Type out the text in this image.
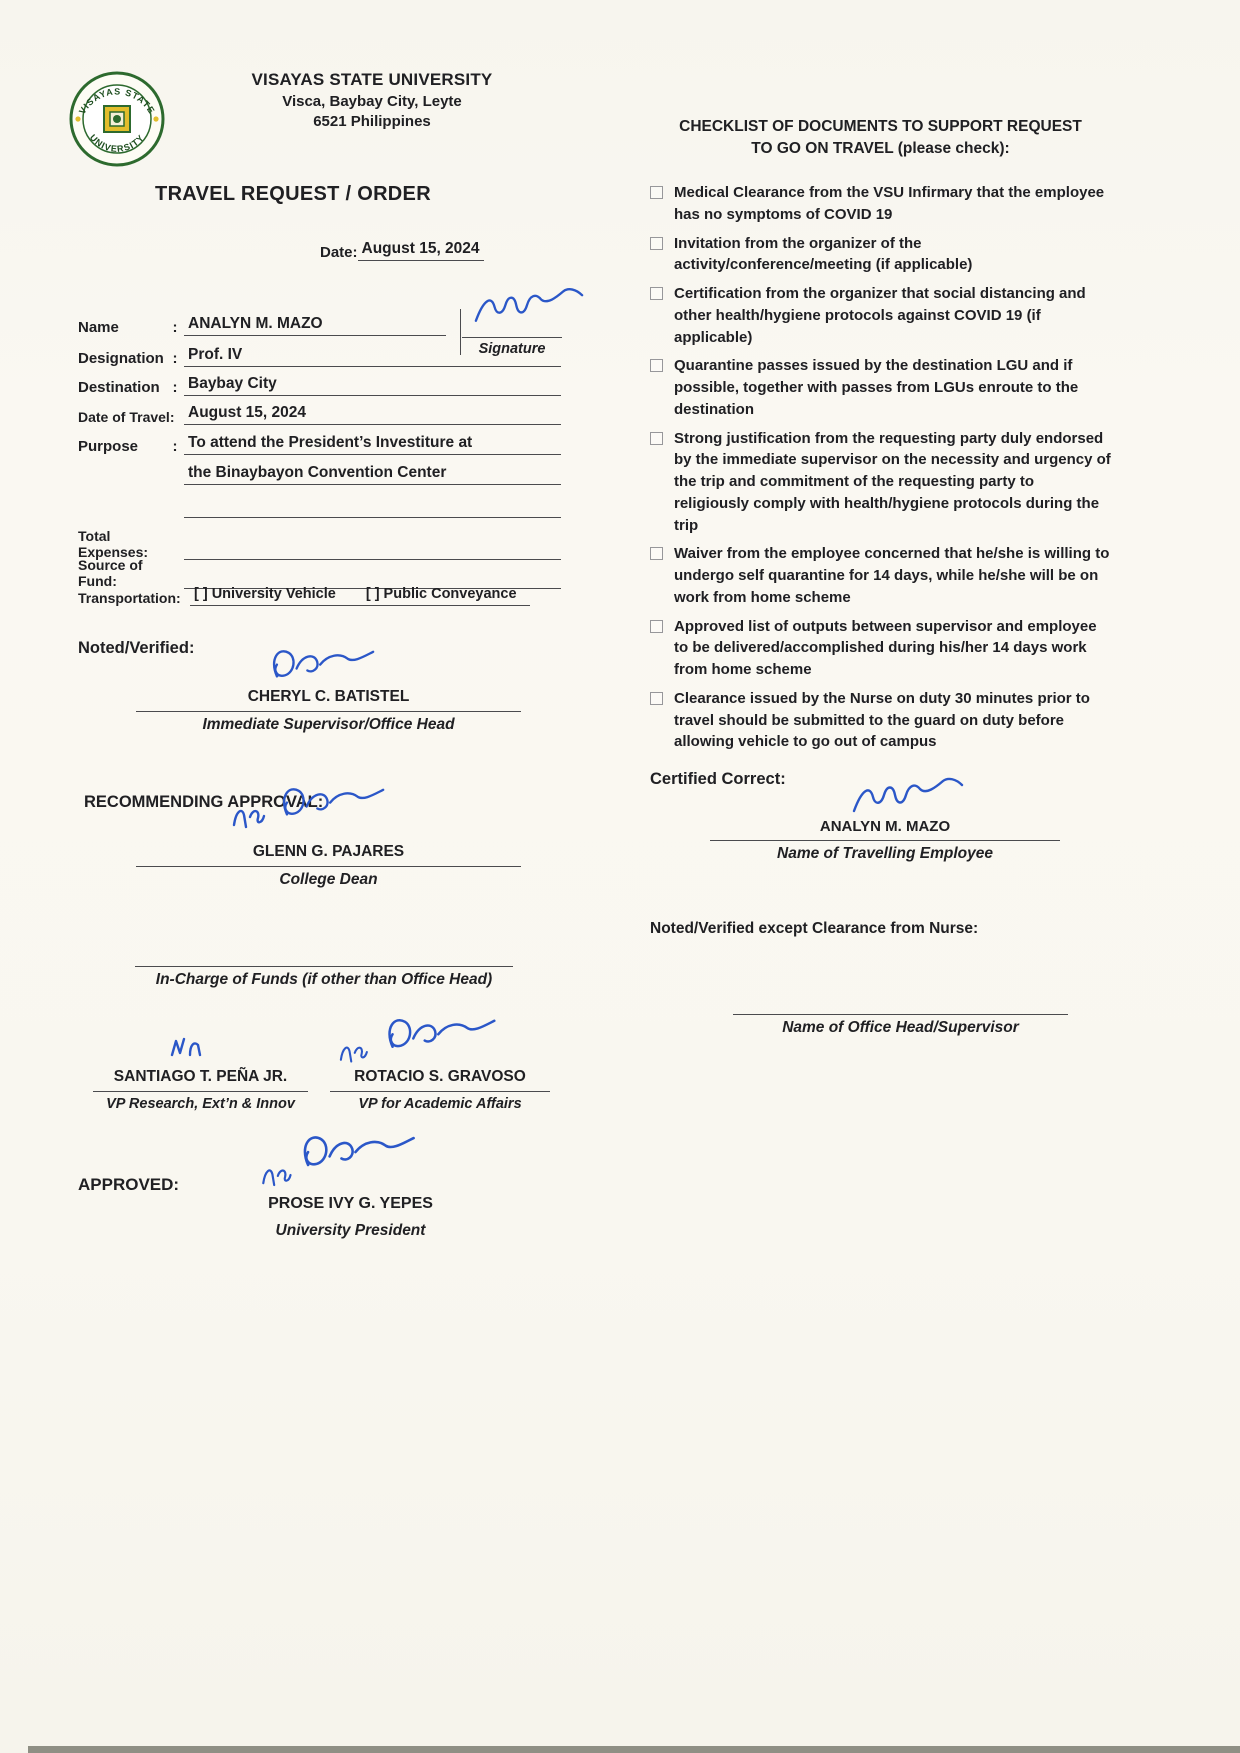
VISAYAS STATE
UNIVERSITY
VISAYAS STATE UNIVERSITY
Visca, Baybay City, Leyte
6521 Philippines
TRAVEL REQUEST / ORDER
Date: August 15, 2024
Name	: ANALYN M. MAZO
Signature
Designation : Prof. IV
Destination : Baybay City
Date of Travel: August 15, 2024
Purpose	: To attend the President’s Investiture at
the Binaybayon Convention Center
Total Expenses:
Source of Fund:
Transportation: [ ] University Vehicle [ ] Public Conveyance
Noted/Verified:
CHERYL C. BATISTEL
Immediate Supervisor/Office Head
RECOMMENDING APPROVAL:
GLENN G. PAJARES
College Dean
In-Charge of Funds (if other than Office Head)
SANTIAGO T. PEÑA JR.
VP Research, Ext’n & Innov
ROTACIO S. GRAVOSO
VP for Academic Affairs
APPROVED:
PROSE IVY G. YEPES
University President
CHECKLIST OF DOCUMENTS TO SUPPORT REQUEST
TO GO ON TRAVEL (please check):
Medical Clearance from the VSU Infirmary that the employee has no symptoms of COVID 19
Invitation from the organizer of the activity/conference/meeting (if applicable)
Certification from the organizer that social distancing and other health/hygiene protocols against COVID 19 (if applicable)
Quarantine passes issued by the destination LGU and if possible, together with passes from LGUs enroute to the destination
Strong justification from the requesting party duly endorsed by the immediate supervisor on the necessity and urgency of the trip and commitment of the requesting party to religiously comply with health/hygiene protocols during the trip
Waiver from the employee concerned that he/she is willing to undergo self quarantine for 14 days, while he/she will be on work from home scheme
Approved list of outputs between supervisor and employee to be delivered/accomplished during his/her 14 days work from home scheme
Clearance issued by the Nurse on duty 30 minutes prior to travel should be submitted to the guard on duty before allowing vehicle to go out of campus
Certified Correct:
ANALYN M. MAZO
Name of Travelling Employee
Noted/Verified except Clearance from Nurse:
Name of Office Head/Supervisor
